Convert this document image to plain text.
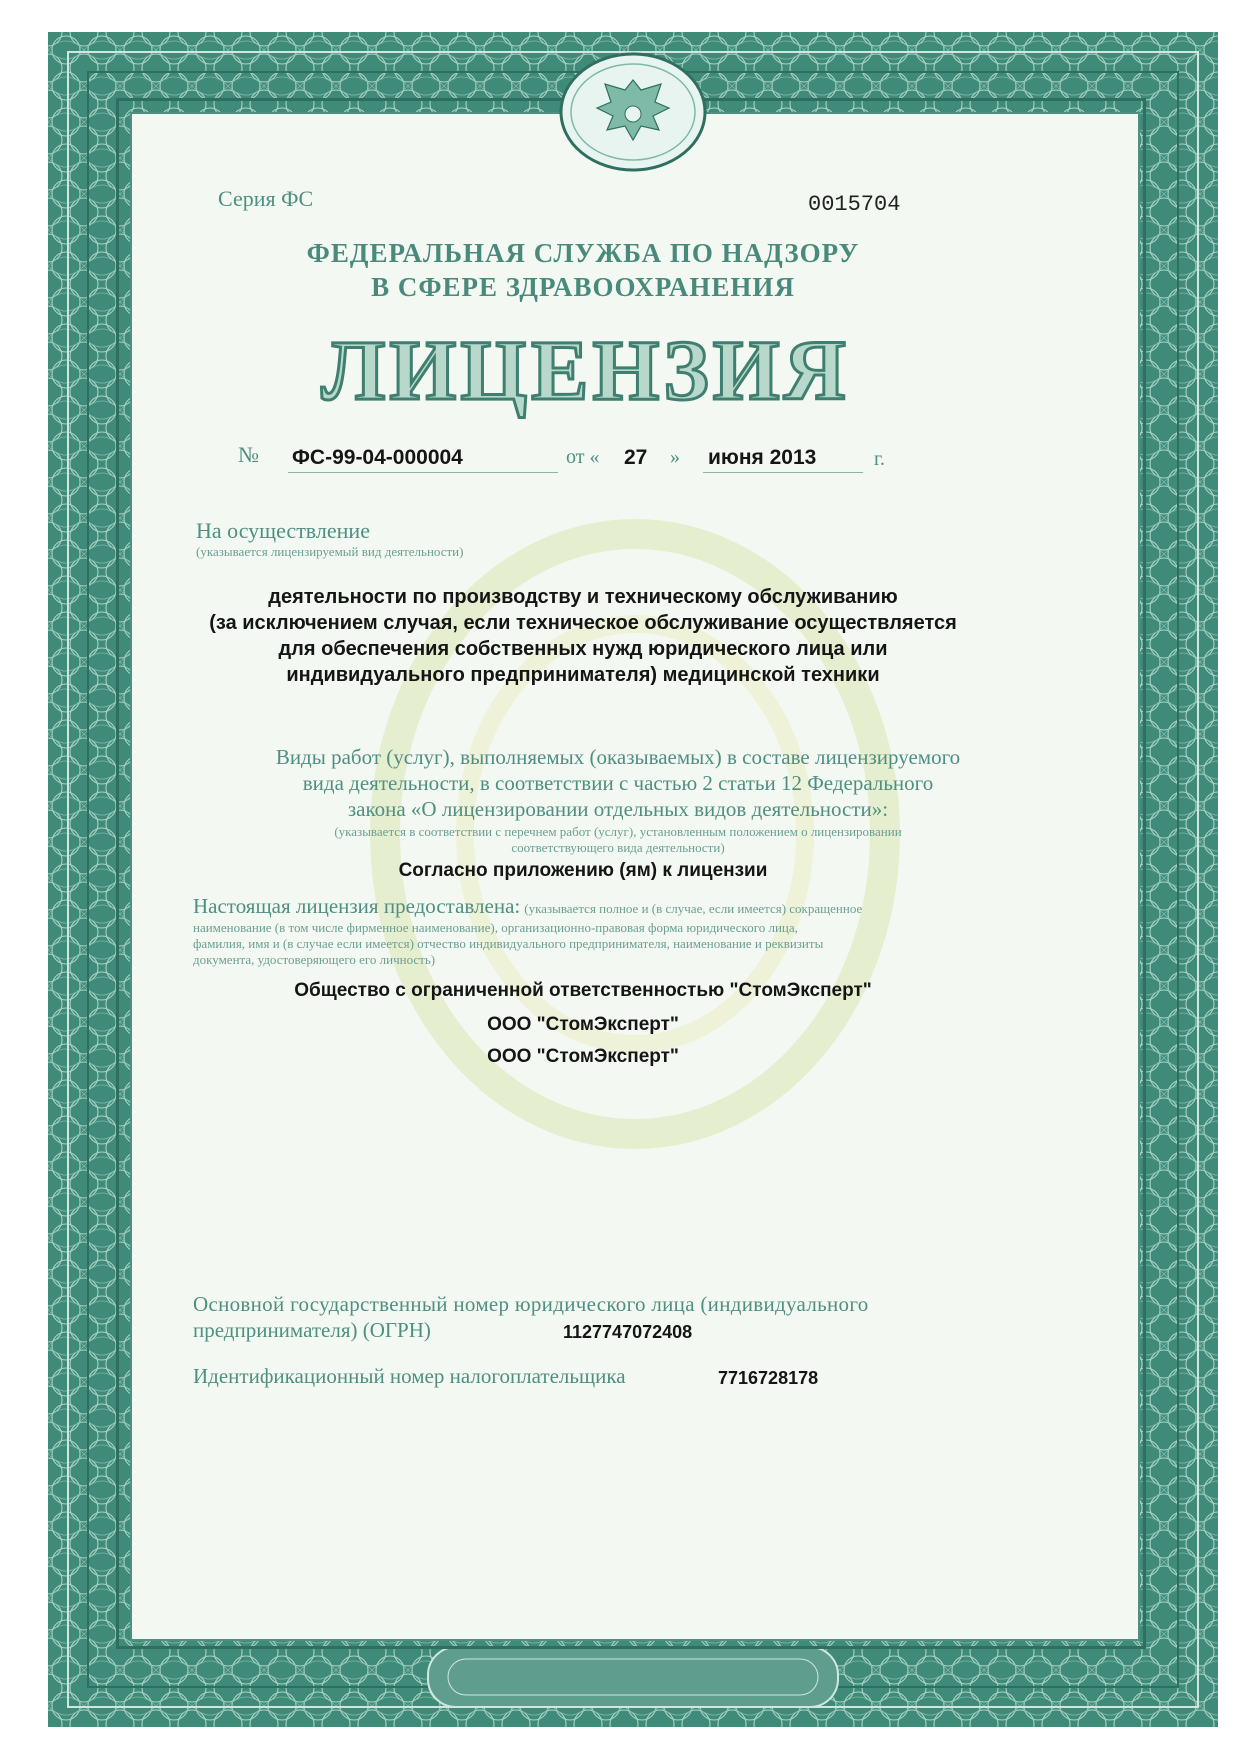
Серия ФС	0015704
ФЕДЕРАЛЬНАЯ СЛУЖБА ПО НАДЗОРУ
В СФЕРЕ ЗДРАВООХРАНЕНИЯ
ЛИЦЕНЗИЯ
№ ФС-99-04-000004	от « 27 » июня 2013	г.
На осуществление
(указывается лицензируемый вид деятельности)
деятельности по производству и техническому обслуживанию
(за исключением случая, если техническое обслуживание осуществляется
для обеспечения собственных нужд юридического лица или
индивидуального предпринимателя) медицинской техники
Виды работ (услуг), выполняемых (оказываемых) в составе лицензируемого
вида деятельности, в соответствии с частью 2 статьи 12 Федерального
закона «О лицензировании отдельных видов деятельности»:
(указывается в соответствии с перечнем работ (услуг), установленным положением о лицензировании
соответствующего вида деятельности)
Согласно приложению (ям) к лицензии
Настоящая лицензия предоставлена: (указывается полное и (в случае, если имеется) сокращенное
наименование (в том числе фирменное наименование), организационно-правовая форма юридического лица,
фамилия, имя и (в случае если имеется) отчество индивидуального предпринимателя, наименование и реквизиты
документа, удостоверяющего его личность)
Общество с ограниченной ответственностью "СтомЭксперт"
ООО "СтомЭксперт"
ООО "СтомЭксперт"
Основной государственный номер юридического лица (индивидуального
предпринимателя) (ОГРН)	1127747072408
Идентификационный номер налогоплательщика	7716728178
